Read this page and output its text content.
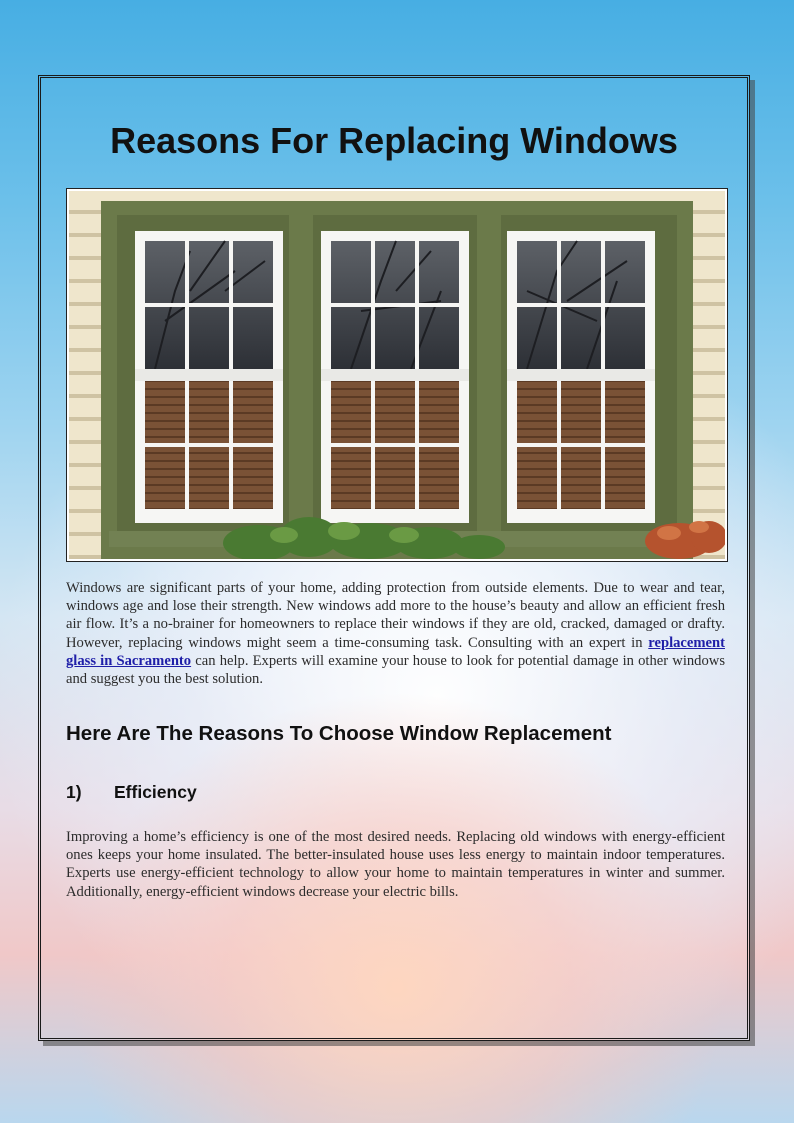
Reasons For Replacing Windows

Windows are significant parts of your home, adding protection from outside elements. Due to wear and tear, windows age and lose their strength. New windows add more to the house’s beauty and allow an efficient fresh air flow. It’s a no-brainer for homeowners to replace their windows if they are old, cracked, damaged or drafty. However, replacing windows might seem a time-consuming task. Consulting with an expert in replacement glass in Sacramento can help. Experts will examine your house to look for potential damage in other windows and suggest you the best solution.

Here Are The Reasons To Choose Window Replacement
1) Efficiency

Improving a home’s efficiency is one of the most desired needs. Replacing old windows with energy-efficient ones keeps your home insulated. The better-insulated house uses less energy to maintain indoor temperatures. Experts use energy-efficient technology to allow your home to maintain temperatures in winter and summer. Additionally, energy-efficient windows decrease your electric bills.
